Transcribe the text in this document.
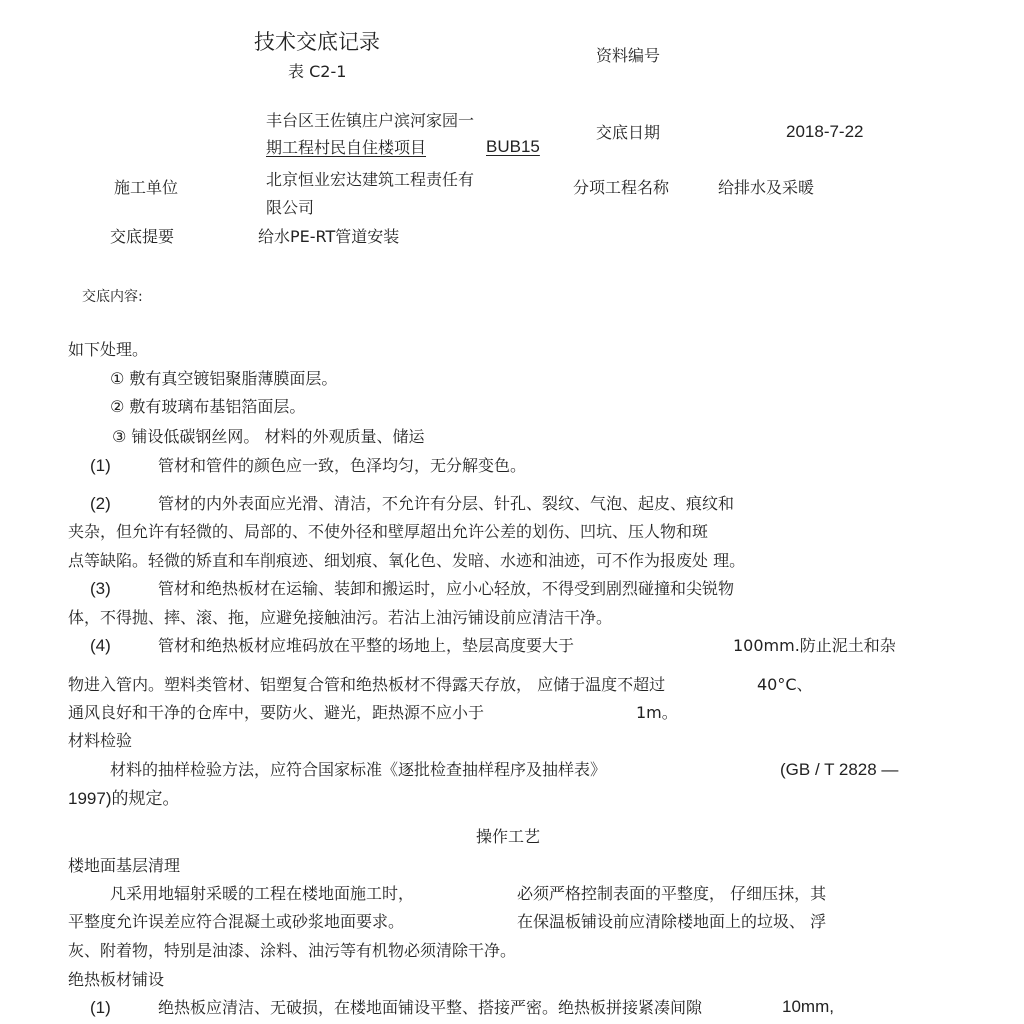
技术交底记录
表 C2-1
资料编号
丰台区王佐镇庄户滨河家园一
期工程村民自住楼项目	BUB15
交底日期	2018-7-22
施工单位	北京恒业宏达建筑工程责任有
限公司
分项工程名称	给排水及采暖
交底提要	给水PE-RT管道安装
交底内容:
如下处理。
① 敷有真空镀铝聚脂薄膜面层。
② 敷有玻璃布基铝箔面层。
③ 铺设低碳钢丝网。 材料的外观质量、储运
(1)	管材和管件的颜色应一致，色泽均匀，无分解变色。
(2)	管材的内外表面应光滑、清洁，不允许有分层、针孔、裂纹、气泡、起皮、痕纹和
夹杂，但允许有轻微的、局部的、不使外径和壁厚超出允许公差的划伤、凹坑、压人物和斑
点等缺陷。轻微的矫直和车削痕迹、细划痕、氧化色、发暗、水迹和油迹，可不作为报废处 理。
(3)	管材和绝热板材在运输、装卸和搬运时，应小心轻放，不得受到剧烈碰撞和尖锐物
体，不得抛、摔、滚、拖，应避免接触油污。若沾上油污铺设前应清洁干净。
(4)	管材和绝热板材应堆码放在平整的场地上，垫层高度要大于	100mm.防止泥土和杂
物进入管内。塑料类管材、铝塑复合管和绝热板材不得露天存放， 应储于温度不超过	40°C、
通风良好和干净的仓库中，要防火、避光，距热源不应小于	1m。
材料检验
材料的抽样检验方法，应符合国家标准《逐批检查抽样程序及抽样表》	(GB / T 2828 —
1997)的规定。
操作工艺
楼地面基层清理
凡采用地辐射采暖的工程在楼地面施工时，	必须严格控制表面的平整度， 仔细压抹，其
平整度允许误差应符合混凝土或砂浆地面要求。	在保温板铺设前应清除楼地面上的垃圾、 浮
灰、附着物，特别是油漆、涂料、油污等有机物必须清除干净。
绝热板材铺设
(1)	绝热板应清洁、无破损，在楼地面铺设平整、搭接严密。绝热板拼接紧凑间隙	10mm,
